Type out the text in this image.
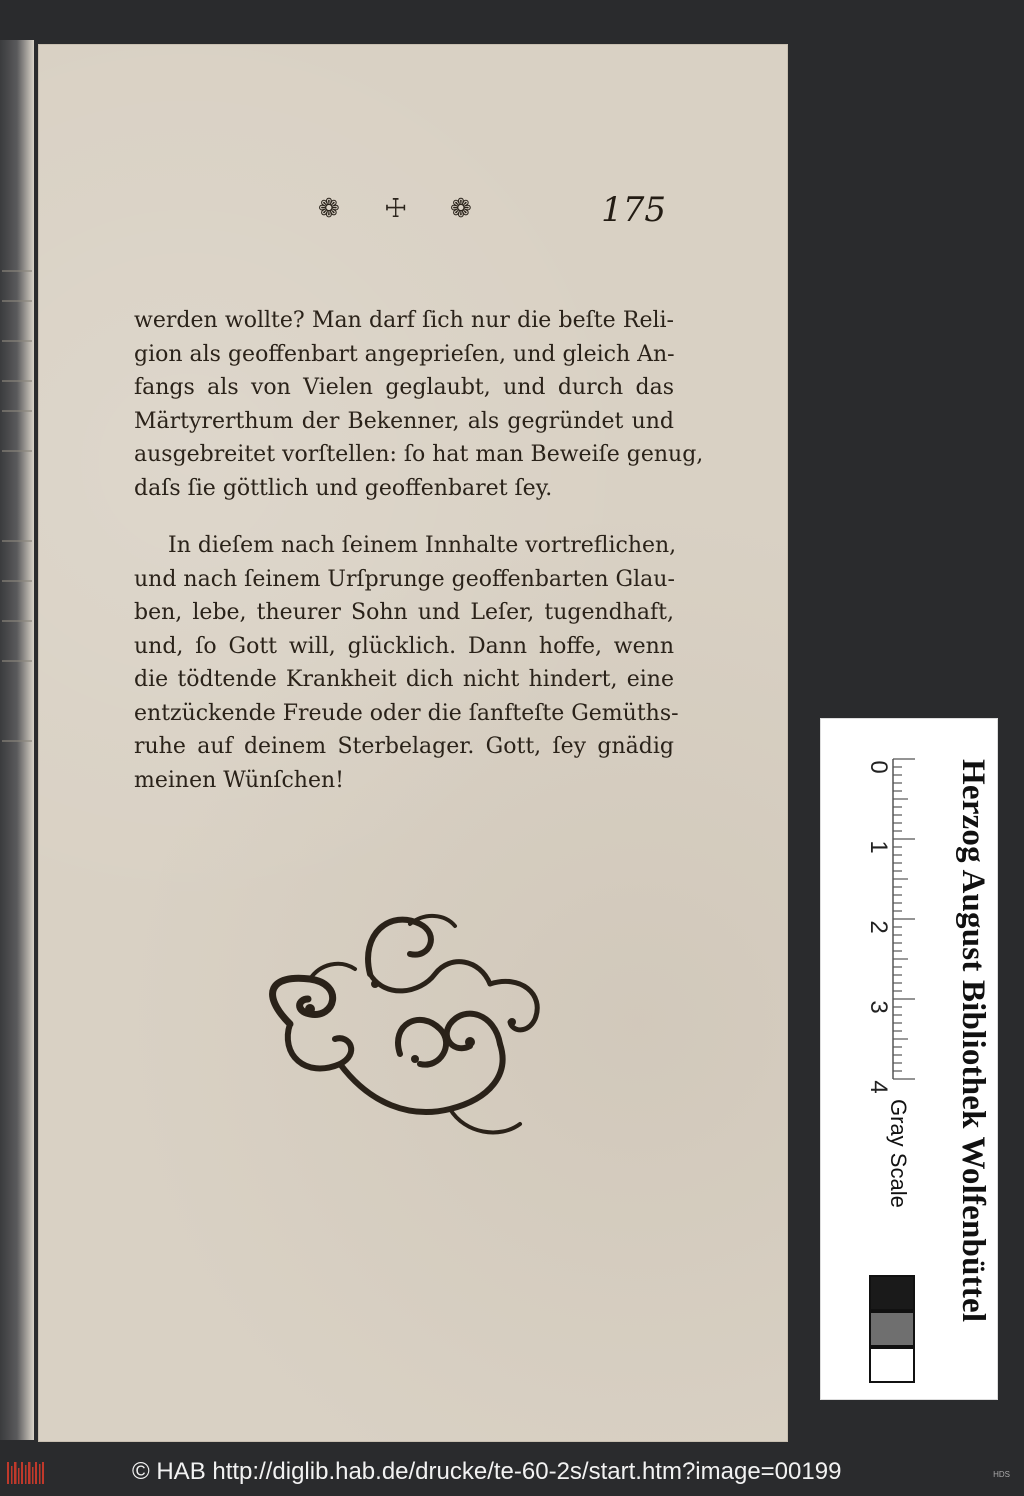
❁ ☩ ❁	175
werden wollte? Man darf ſich nur die beſte Reli-
gion als geoffenbart angeprieſen, und gleich An-
fangs als von Vielen geglaubt, und durch das
Märtyrerthum der Bekenner, als gegründet und
ausgebreitet vorſtellen: ſo hat man Beweiſe genug,
daſs ſie göttlich und geoffenbaret ſey.
In dieſem nach ſeinem Innhalte vortreflichen,
und nach ſeinem Urſprunge geoffenbarten Glau-
ben, lebe, theurer Sohn und Leſer, tugendhaft,
und, ſo Gott will, glücklich. Dann hoffe, wenn
die tödtende Krankheit dich nicht hindert, eine
entzückende Freude oder die ſanfteſte Gemüths-
ruhe auf deinem Sterbelager. Gott, ſey gnädig
meinen Wünſchen!
0
1
2
3
4 Herzog August Bibliothek Wolfenbüttel
Gray Scale
© HAB http://diglib.hab.de/drucke/te-60-2s/start.htm?image=00199	HDS
